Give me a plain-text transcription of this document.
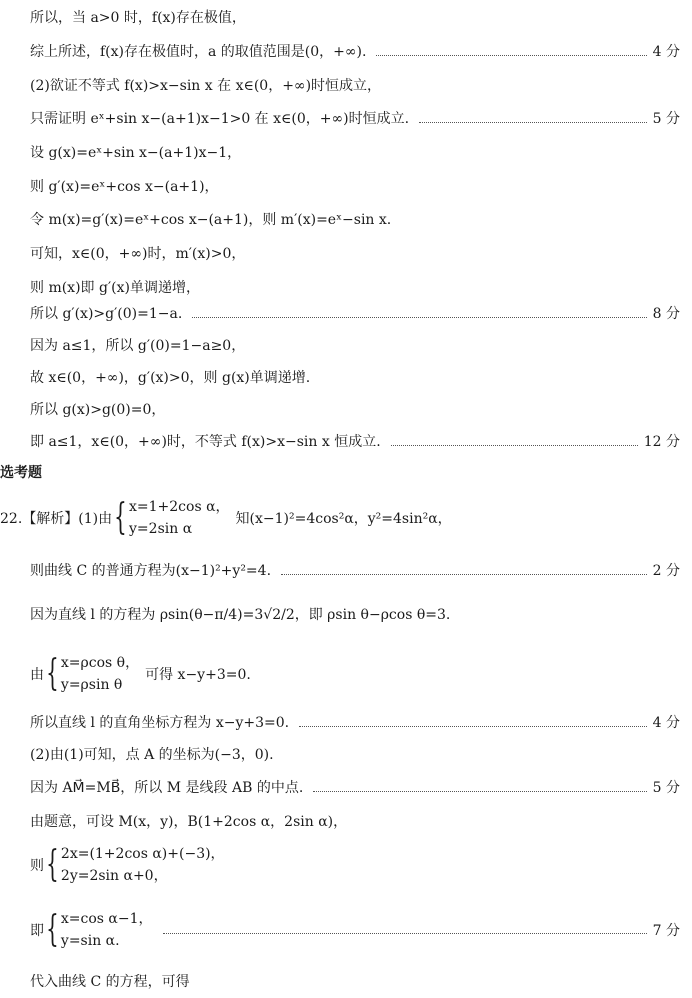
所以，当 a>0 时，f(x)存在极值，
综上所述，f(x)存在极值时，a 的取值范围是(0，+∞).	4 分
(2)欲证不等式 f(x)>x−sin x 在 x∈(0，+∞)时恒成立，
只需证明 eˣ+sin x−(a+1)x−1>0 在 x∈(0，+∞)时恒成立.	5 分
设 g(x)=eˣ+sin x−(a+1)x−1，
则 g′(x)=eˣ+cos x−(a+1)，
令 m(x)=g′(x)=eˣ+cos x−(a+1)，则 m′(x)=eˣ−sin x.
可知，x∈(0，+∞)时，m′(x)>0，
则 m(x)即 g′(x)单调递增，
所以 g′(x)>g′(0)=1−a.	8 分
因为 a≤1，所以 g′(0)=1−a≥0，
故 x∈(0，+∞)，g′(x)>0，则 g(x)单调递增.
所以 g(x)>g(0)=0，
即 a≤1，x∈(0，+∞)时，不等式 f(x)>x−sin x 恒成立.	12 分
选考题
22.【解析】(1)由 { x=1+2cos α，
y=2sin α
知(x−1)²=4cos²α，y²=4sin²α，
则曲线 C 的普通方程为(x−1)²+y²=4.	2 分
因为直线 l 的方程为 ρsin(θ−π/4)=3√2/2，即 ρsin θ−ρcos θ=3.
由 { x=ρcos θ，
y=ρsin θ
可得 x−y+3=0.
所以直线 l 的直角坐标方程为 x−y+3=0.	4 分
(2)由(1)可知，点 A 的坐标为(−3，0).
因为 AM⃗=MB⃗，所以 M 是线段 AB 的中点.	5 分
由题意，可设 M(x，y)，B(1+2cos α，2sin α)，
则 { 2x=(1+2cos α)+(−3)，
2y=2sin α+0，
即 { x=cos α−1，
y=sin α.
7 分
代入曲线 C 的方程，可得
